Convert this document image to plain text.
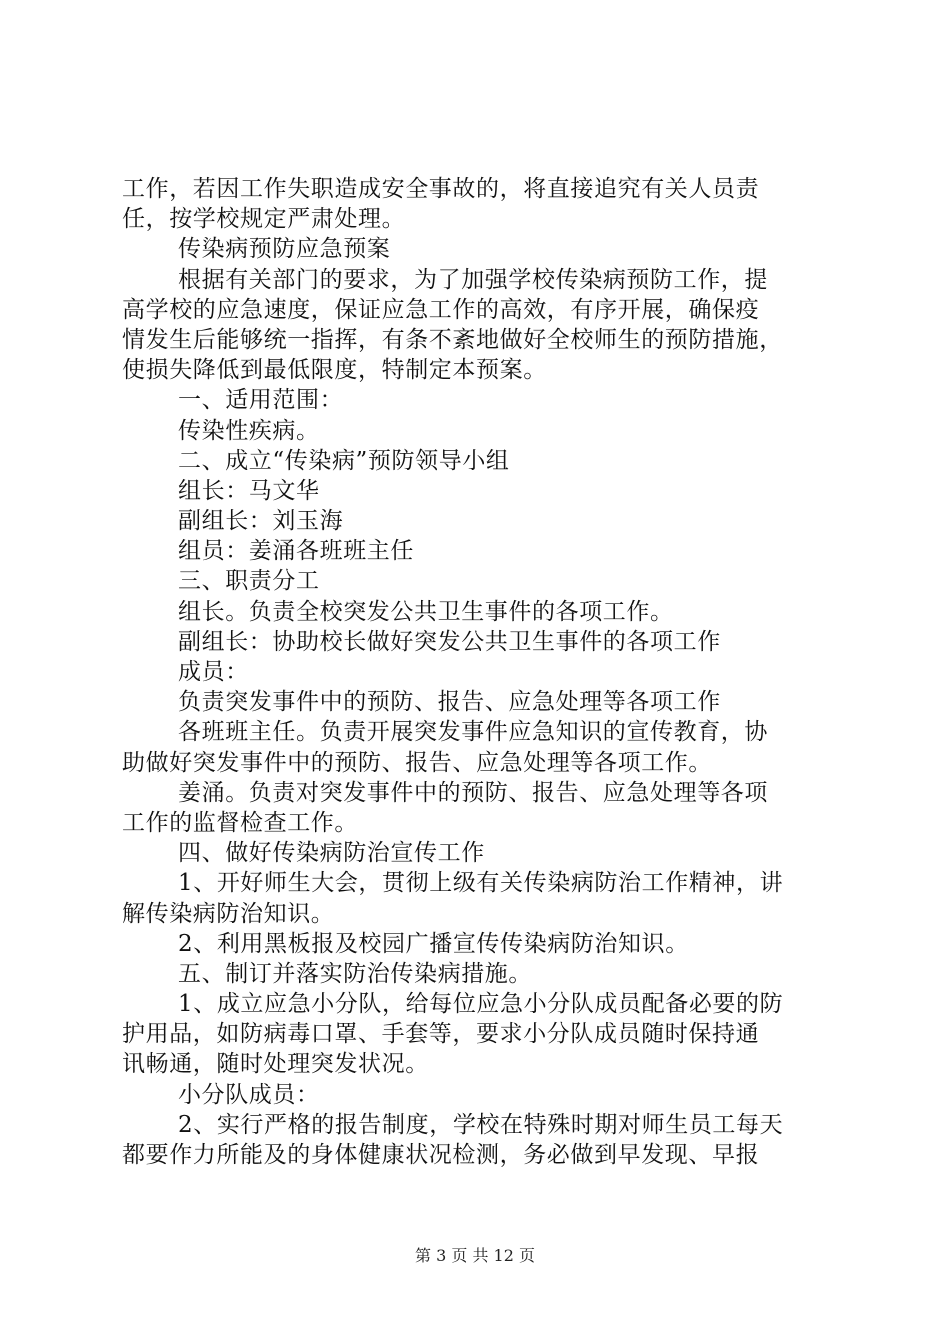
工作，若因工作失职造成安全事故的，将直接追究有关人员责
任，按学校规定严肃处理。
传染病预防应急预案
根据有关部门的要求，为了加强学校传染病预防工作，提
高学校的应急速度，保证应急工作的高效，有序开展，确保疫
情发生后能够统一指挥，有条不紊地做好全校师生的预防措施，
使损失降低到最低限度，特制定本预案。
一、适用范围：
传染性疾病。
二、成立“传染病”预防领导小组
组长：马文华
副组长：刘玉海
组员：姜涌各班班主任
三、职责分工
组长。负责全校突发公共卫生事件的各项工作。
副组长：协助校长做好突发公共卫生事件的各项工作
成员：
负责突发事件中的预防、报告、应急处理等各项工作
各班班主任。负责开展突发事件应急知识的宣传教育，协
助做好突发事件中的预防、报告、应急处理等各项工作。
姜涌。负责对突发事件中的预防、报告、应急处理等各项
工作的监督检查工作。
四、做好传染病防治宣传工作
1、开好师生大会，贯彻上级有关传染病防治工作精神，讲
解传染病防治知识。
2、利用黑板报及校园广播宣传传染病防治知识。
五、制订并落实防治传染病措施。
1、成立应急小分队，给每位应急小分队成员配备必要的防
护用品，如防病毒口罩、手套等，要求小分队成员随时保持通
讯畅通，随时处理突发状况。
小分队成员：
2、实行严格的报告制度，学校在特殊时期对师生员工每天
都要作力所能及的身体健康状况检测，务必做到早发现、早报
第 3 页 共 12 页
